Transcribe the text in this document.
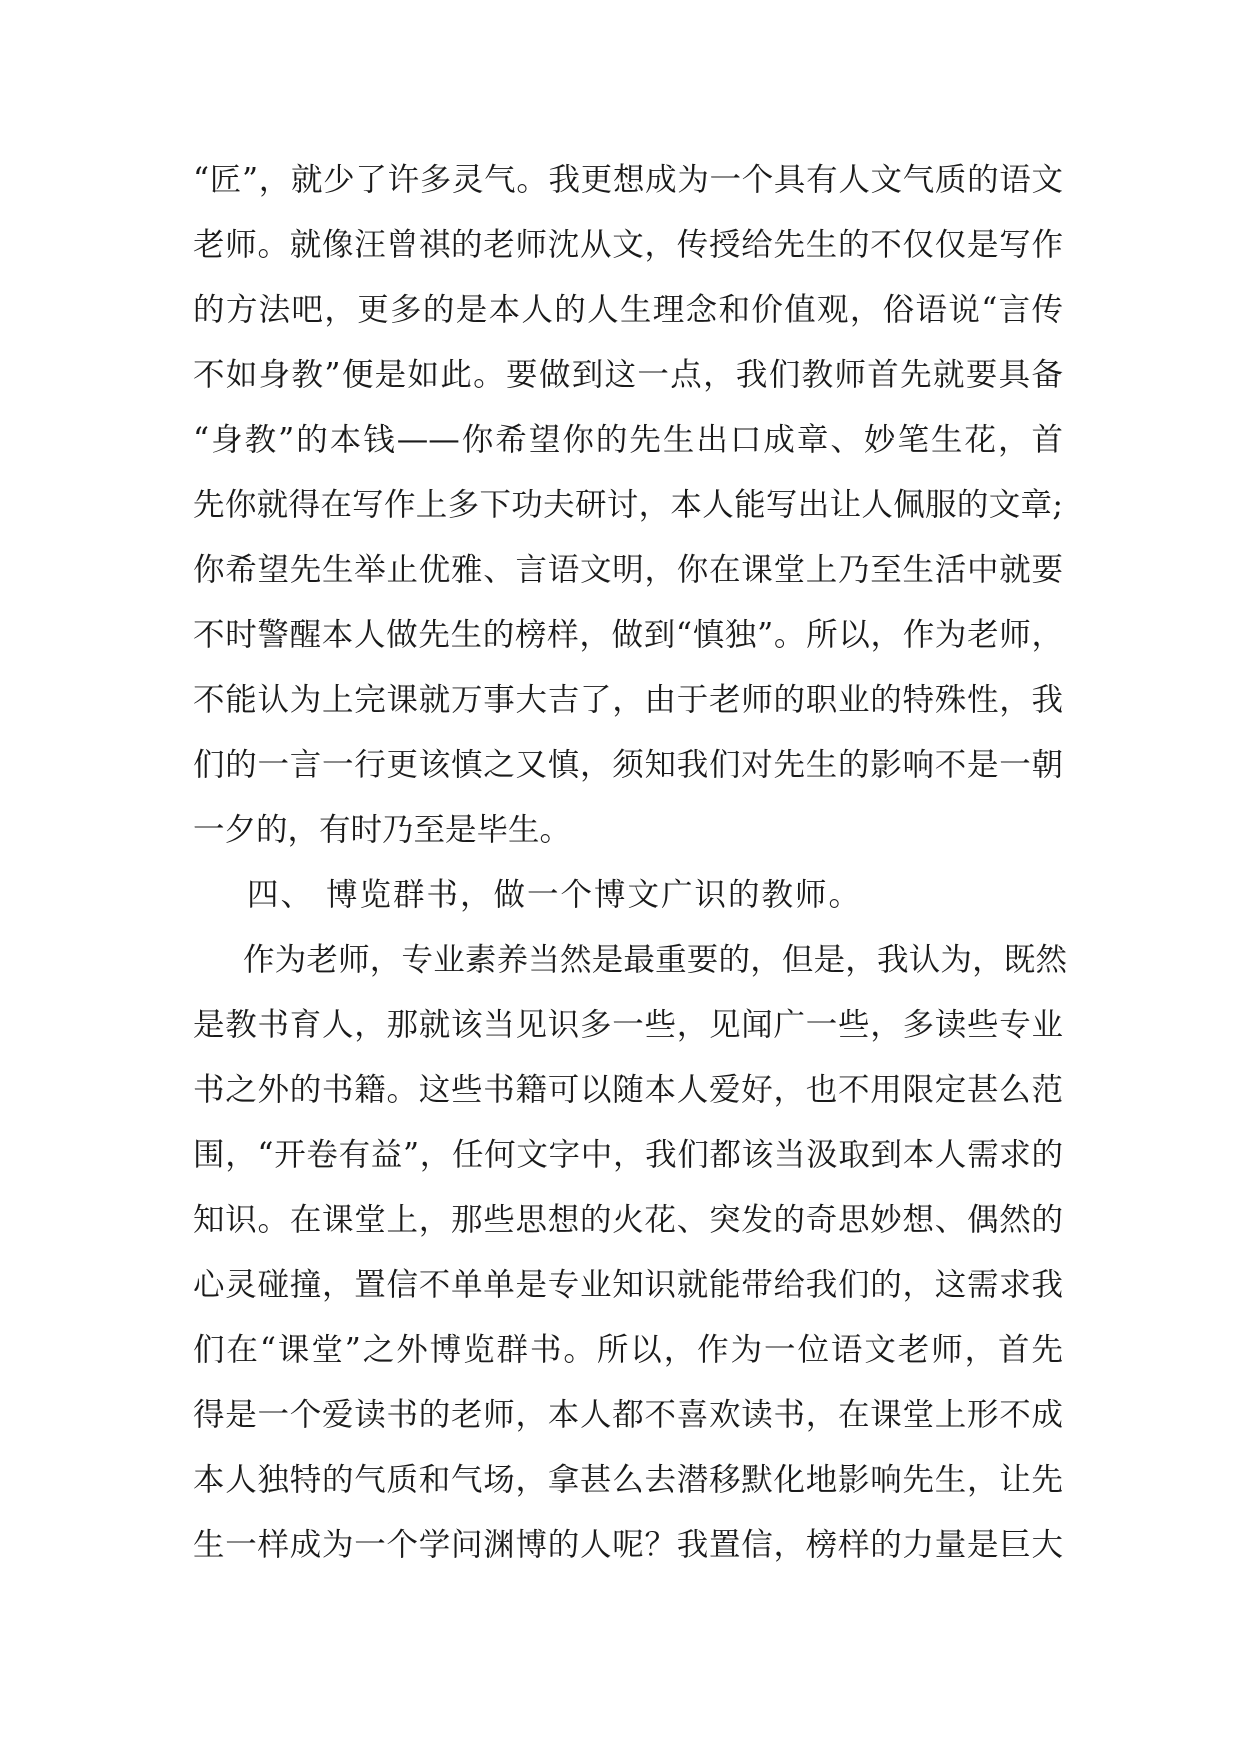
“匠”，就少了许多灵气。我更想成为一个具有人文气质的语文
老师。就像汪曾祺的老师沈从文，传授给先生的不仅仅是写作
的方法吧，更多的是本人的人生理念和价值观，俗语说“言传
不如身教”便是如此。要做到这一点，我们教师首先就要具备
“身教”的本钱——你希望你的先生出口成章、妙笔生花，首
先你就得在写作上多下功夫研讨，本人能写出让人佩服的文章;
你希望先生举止优雅、言语文明，你在课堂上乃至生活中就要
不时警醒本人做先生的榜样，做到“慎独”。所以，作为老师，
不能认为上完课就万事大吉了，由于老师的职业的特殊性，我
们的一言一行更该慎之又慎，须知我们对先生的影响不是一朝
一夕的，有时乃至是毕生。
四、 博览群书，做一个博文广识的教师。
作为老师，专业素养当然是最重要的，但是，我认为，既然
是教书育人，那就该当见识多一些，见闻广一些，多读些专业
书之外的书籍。这些书籍可以随本人爱好，也不用限定甚么范
围，“开卷有益”，任何文字中，我们都该当汲取到本人需求的
知识。在课堂上，那些思想的火花、突发的奇思妙想、偶然的
心灵碰撞，置信不单单是专业知识就能带给我们的，这需求我
们在“课堂”之外博览群书。所以，作为一位语文老师，首先
得是一个爱读书的老师，本人都不喜欢读书，在课堂上形不成
本人独特的气质和气场，拿甚么去潜移默化地影响先生，让先
生一样成为一个学问渊博的人呢？我置信，榜样的力量是巨大
